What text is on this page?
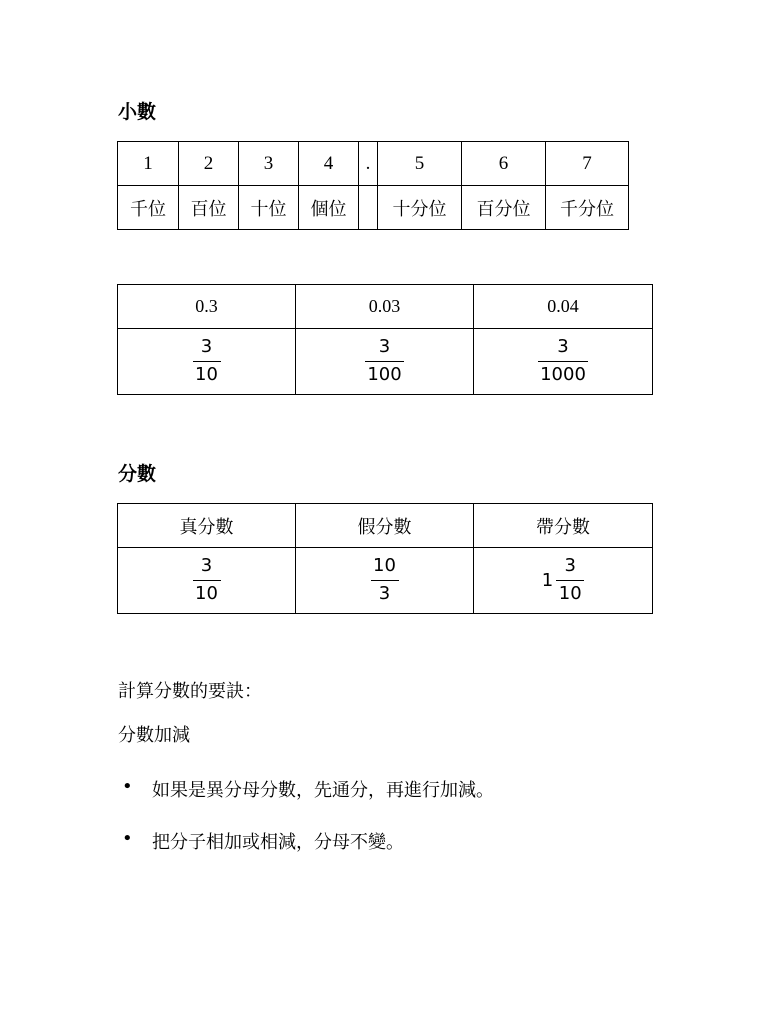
小數
1	2	3	4	.	5	6	7
千位	百位	十位	個位		十分位	百分位	千分位
0.3	0.03	0.04

$\frac{3}{10}$	$\frac{3}{100}$	$\frac{3}{1000}$
分數
真分數	假分數	帶分數

$\frac{3}{10}$	$\frac{10}{3}$	$1 \frac{3}{10}$
計算分數的要訣：
分數加減
•	如果是異分母分數，先通分，再進行加減。
•	把分子相加或相減，分母不變。
